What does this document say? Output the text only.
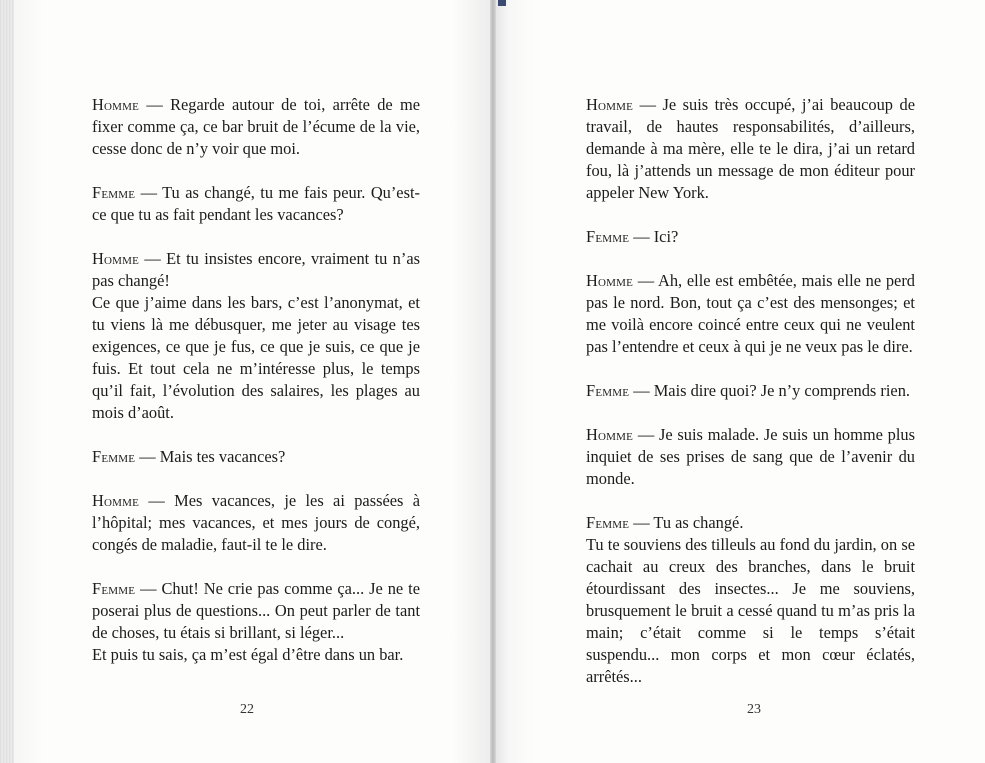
Homme — Regarde autour de toi, arrête de me fixer comme ça, ce bar bruit de l’écume de la vie, cesse donc de n’y voir que moi.

Femme — Tu as changé, tu me fais peur. Qu’est-ce que tu as fait pendant les vacances?

Homme — Et tu insistes encore, vraiment tu n’as pas changé!

Ce que j’aime dans les bars, c’est l’anonymat, et tu viens là me débusquer, me jeter au visage tes exigences, ce que je fus, ce que je suis, ce que je fuis. Et tout cela ne m’intéresse plus, le temps qu’il fait, l’évolution des salaires, les plages au mois d’août.

Femme — Mais tes vacances?

Homme — Mes vacances, je les ai passées à l’hôpital; mes vacances, et mes jours de congé, congés de maladie, faut-il te le dire.

Femme — Chut! Ne crie pas comme ça... Je ne te poserai plus de questions... On peut parler de tant de choses, tu étais si brillant, si léger...

Et puis tu sais, ça m’est égal d’être dans un bar.

Homme — Je suis très occupé, j’ai beaucoup de travail, de hautes responsabilités, d’ailleurs, demande à ma mère, elle te le dira, j’ai un retard fou, là j’attends un message de mon éditeur pour appeler New York.

Femme — Ici?

Homme — Ah, elle est embêtée, mais elle ne perd pas le nord. Bon, tout ça c’est des mensonges; et me voilà encore coincé entre ceux qui ne veulent pas l’entendre et ceux à qui je ne veux pas le dire.

Femme — Mais dire quoi? Je n’y comprends rien.

Homme — Je suis malade. Je suis un homme plus inquiet de ses prises de sang que de l’avenir du monde.

Femme — Tu as changé.

Tu te souviens des tilleuls au fond du jardin, on se cachait au creux des branches, dans le bruit étourdissant des insectes... Je me souviens, brusquement le bruit a cessé quand tu m’as pris la main; c’était comme si le temps s’était suspendu... mon corps et mon cœur éclatés, arrêtés...

22	23
